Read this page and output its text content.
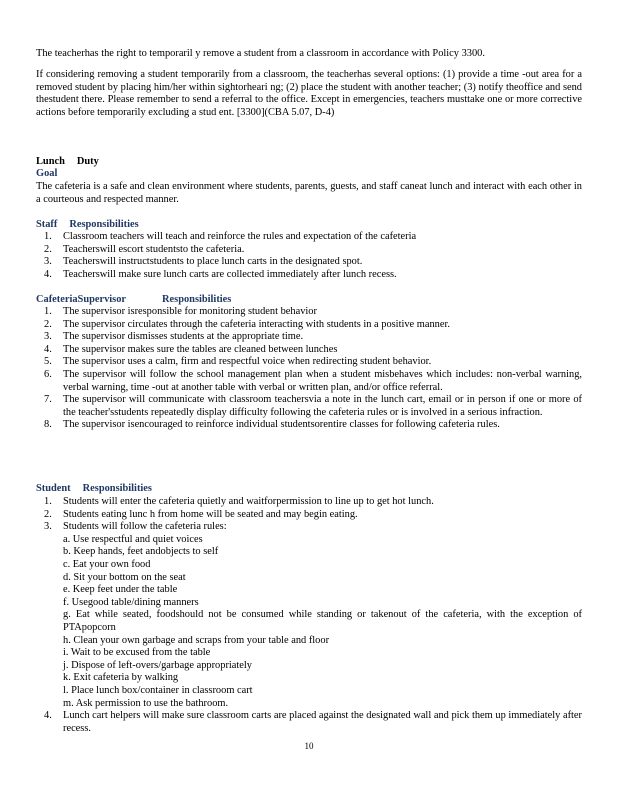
The teacherhas the right to temporaril y remove a student from a classroom in accordance with Policy 3300.

If considering removing a student temporarily from a classroom, the teacherhas several options: (1) provide a time -out area for a removed student by placing him/her within sightorheari ng; (2) place the student with another teacher; (3) notify theoffice and send thestudent there. Please remember to send a referral to the office. Except in emergencies, teachers musttake one or more corrective actions before temporarily excluding a stud ent. [3300](CBA 5.07, D-4)

Lunch Duty

Goal

The cafeteria is a safe and clean environment where students, parents, guests, and staff caneat lunch and interact with each other in a courteous and respected manner.

Staff Responsibilities

1. Classroom teachers will teach and reinforce the rules and expectation of the cafeteria
2. Teacherswill escort studentsto the cafeteria.
3. Teacherswill instructstudents to place lunch carts in the designated spot.
4. Teacherswill make sure lunch carts are collected immediately after lunch recess.

CafeteriaSupervisor	Responsibilities

1. The supervisor isresponsible for monitoring student behavior
2. The supervisor circulates through the cafeteria interacting with students in a positive manner.
3. The supervisor dismisses students at the appropriate time.
4. The supervisor makes sure the tables are cleaned between lunches
5. The supervisor uses a calm, firm and respectful voice when redirecting student behavior.
6. The supervisor will follow the school management plan when a student misbehaves which includes: non-verbal warning, verbal warning, time -out at another table with verbal or written plan, and/or office referral.
7. The supervisor will communicate with classroom teachersvia a note in the lunch cart, email or in person if one or more of the teacher'sstudents repeatedly display difficulty following the cafeteria rules or is involved in a serious infraction.
8. The supervisor isencouraged to reinforce individual studentsorentire classes for following cafeteria rules.

Student Responsibilities

1. Students will enter the cafeteria quietly and waitforpermission to line up to get hot lunch.
2. Students eating lunc h from home will be seated and may begin eating.
3. Students will follow the cafeteria rules:
a. Use respectful and quiet voices
b. Keep hands, feet andobjects to self
c. Eat your own food
d. Sit your bottom on the seat
e. Keep feet under the table
f. Usegood table/dining manners
g. Eat while seated, foodshould not be consumed while standing or takenout of the cafeteria, with the exception of PTApopcorn
h. Clean your own garbage and scraps from your table and floor
i. Wait to be excused from the table
j. Dispose of left-overs/garbage appropriately
k. Exit cafeteria by walking
l. Place lunch box/container in classroom cart
m. Ask permission to use the bathroom.
4. Lunch cart helpers will make sure classroom carts are placed against the designated wall and pick them up immediately after recess.
10
